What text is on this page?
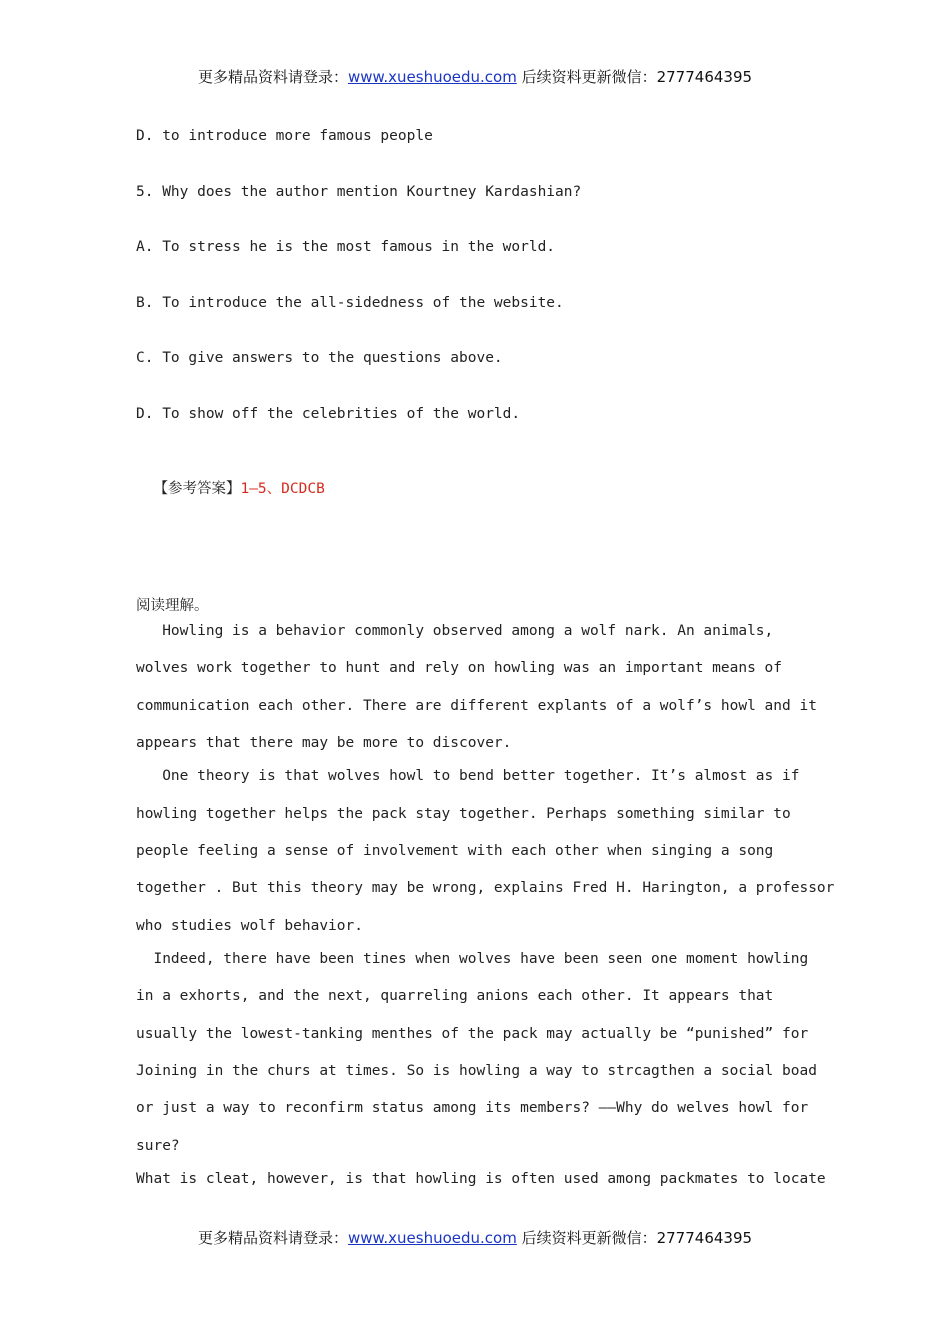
更多精品资料请登录：www.xueshuoedu.com 后续资料更新微信：2777464395
D. to introduce more famous people
5. Why does the author mention Kourtney Kardashian?
A. To stress he is the most famous in the world.
B. To introduce the all-sidedness of the website.
C. To give answers to the questions above.
D. To show off the celebrities of the world.

【参考答案】1—5、DCDCB

阅读理解。
Howling is a behavior commonly observed among a wolf nark. An animals,
wolves work together to hunt and rely on howling was an important means of
communication each other. There are different explants of a wolf’s howl and it
appears that there may be more to discover.
One theory is that wolves howl to bend better together. It’s almost as if
howling together helps the pack stay together. Perhaps something similar to
people feeling a sense of involvement with each other when singing a song
together . But this theory may be wrong, explains Fred H. Harington, a professor
who studies wolf behavior.
Indeed, there have been tines when wolves have been seen one moment howling
in a exhorts, and the next, quarreling anions each other. It appears that
usually the lowest-tanking menthes of the pack may actually be “punished” for
Joining in the churs at times. So is howling a way to strcagthen a social boad
or just a way to reconfirm status among its members? ——Why do welves howl for
sure?
What is cleat, however, is that howling is often used among packmates to locate
更多精品资料请登录：www.xueshuoedu.com 后续资料更新微信：2777464395
